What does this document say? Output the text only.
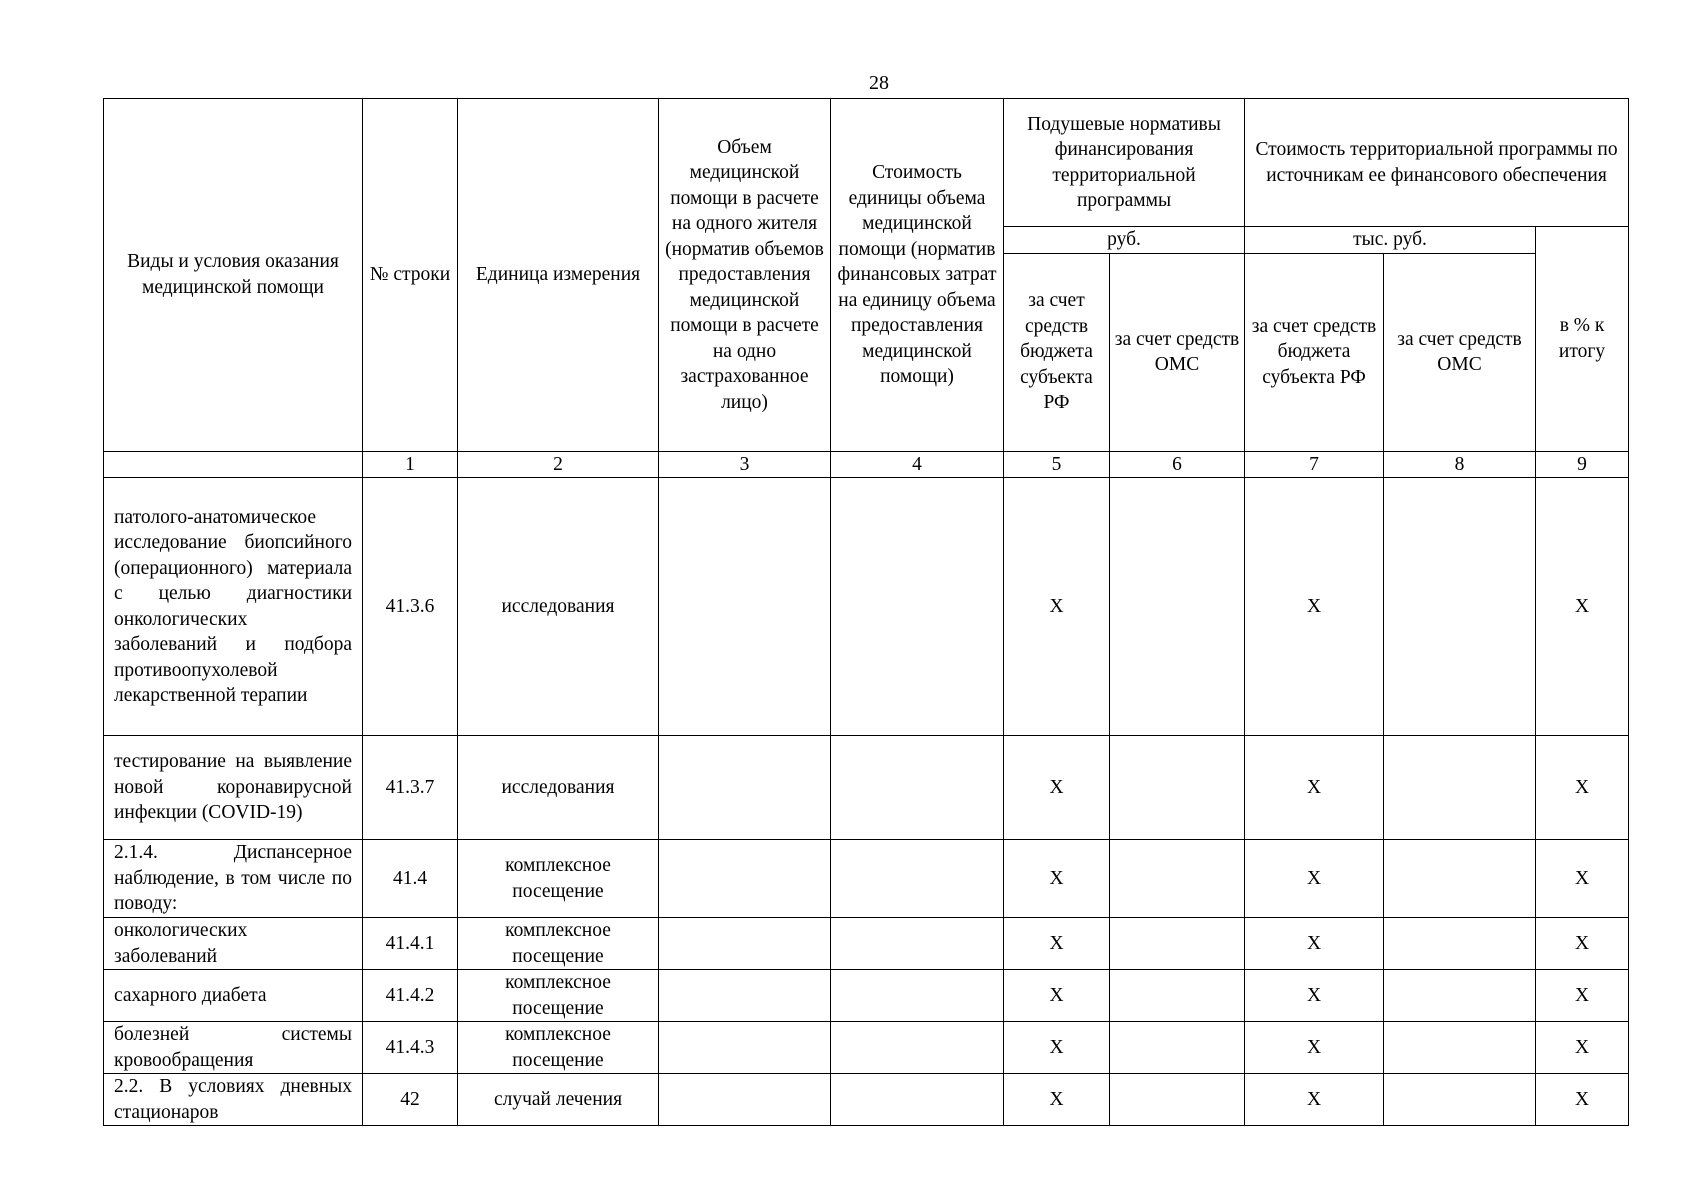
28
Виды и условия оказания медицинской помощи	№ строки	Единица измерения	Объем медицинской помощи в расчете на одного жителя (норматив объемов предоставления медицинской помощи в расчете на одно застрахованное лицо)	Стоимость единицы объема медицинской помощи (норматив финансовых затрат на единицу объема предоставления медицинской помощи)	Подушевые нормативы финансирования территориальной программы		Стоимость территориальной программы по источникам ее финансового обеспечения		
					руб.		тыс. руб.		в % к итогу
					за счет средств бюджета субъекта РФ	за счет средств ОМС	за счет средств бюджета субъекта РФ	за счет средств ОМС	
	1	2	3	4	5	6	7	8	9
патолого-анатомическое исследование биопсийного (операционного) материала с целью диагностики онкологических заболеваний и подбора противоопухолевой лекарственной терапии	41.3.6	исследования			X		X		X
тестирование на выявление новой коронавирусной инфекции (COVID-19)	41.3.7	исследования			X		X		X
2.1.4. Диспансерное наблюдение, в том числе по поводу:	41.4	комплексное посещение			X		X		X
онкологических заболеваний	41.4.1	комплексное посещение			X		X		X
сахарного диабета	41.4.2	комплексное посещение			X		X		X
болезней системы кровообращения	41.4.3	комплексное посещение			X		X		X
2.2. В условиях дневных стационаров	42	случай лечения			X		X		X
